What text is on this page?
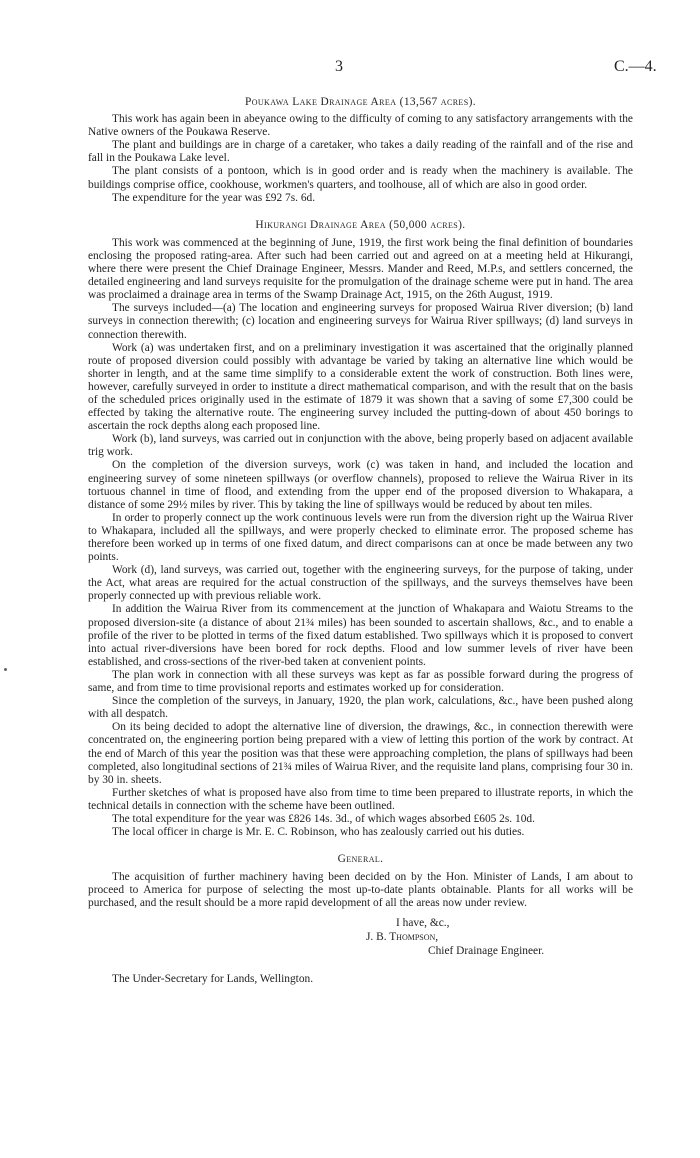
3	C.—4.

Poukawa Lake Drainage Area (13,567 acres).

This work has again been in abeyance owing to the difficulty of coming to any satisfactory arrangements with the Native owners of the Poukawa Reserve.

The plant and buildings are in charge of a caretaker, who takes a daily reading of the rainfall and of the rise and fall in the Poukawa Lake level.

The plant consists of a pontoon, which is in good order and is ready when the machinery is available. The buildings comprise office, cookhouse, workmen's quarters, and toolhouse, all of which are also in good order.

The expenditure for the year was £92 7s. 6d.

Hikurangi Drainage Area (50,000 acres).

This work was commenced at the beginning of June, 1919, the first work being the final definition of boundaries enclosing the proposed rating-area. After such had been carried out and agreed on at a meeting held at Hikurangi, where there were present the Chief Drainage Engineer, Messrs. Mander and Reed, M.P.s, and settlers concerned, the detailed engineering and land surveys requisite for the promulgation of the drainage scheme were put in hand. The area was proclaimed a drainage area in terms of the Swamp Drainage Act, 1915, on the 26th August, 1919.

The surveys included—(a) The location and engineering surveys for proposed Wairua River diversion; (b) land surveys in connection therewith; (c) location and engineering surveys for Wairua River spillways; (d) land surveys in connection therewith.

Work (a) was undertaken first, and on a preliminary investigation it was ascertained that the originally planned route of proposed diversion could possibly with advantage be varied by taking an alternative line which would be shorter in length, and at the same time simplify to a considerable extent the work of construction. Both lines were, however, carefully surveyed in order to institute a direct mathematical comparison, and with the result that on the basis of the scheduled prices originally used in the estimate of 1879 it was shown that a saving of some £7,300 could be effected by taking the alternative route. The engineering survey included the putting-down of about 450 borings to ascertain the rock depths along each proposed line.

Work (b), land surveys, was carried out in conjunction with the above, being properly based on adjacent available trig work.

On the completion of the diversion surveys, work (c) was taken in hand, and included the location and engineering survey of some nineteen spillways (or overflow channels), proposed to relieve the Wairua River in its tortuous channel in time of flood, and extending from the upper end of the proposed diversion to Whakapara, a distance of some 29½ miles by river. This by taking the line of spillways would be reduced by about ten miles.

In order to properly connect up the work continuous levels were run from the diversion right up the Wairua River to Whakapara, included all the spillways, and were properly checked to eliminate error. The proposed scheme has therefore been worked up in terms of one fixed datum, and direct comparisons can at once be made between any two points.

Work (d), land surveys, was carried out, together with the engineering surveys, for the purpose of taking, under the Act, what areas are required for the actual construction of the spillways, and the surveys themselves have been properly connected up with previous reliable work.

In addition the Wairua River from its commencement at the junction of Whakapara and Waiotu Streams to the proposed diversion-site (a distance of about 21¾ miles) has been sounded to ascertain shallows, &c., and to enable a profile of the river to be plotted in terms of the fixed datum established. Two spillways which it is proposed to convert into actual river-diversions have been bored for rock depths. Flood and low summer levels of river have been established, and cross-sections of the river-bed taken at convenient points.

The plan work in connection with all these surveys was kept as far as possible forward during the progress of same, and from time to time provisional reports and estimates worked up for consideration.

Since the completion of the surveys, in January, 1920, the plan work, calculations, &c., have been pushed along with all despatch.

On its being decided to adopt the alternative line of diversion, the drawings, &c., in connection therewith were concentrated on, the engineering portion being prepared with a view of letting this portion of the work by contract. At the end of March of this year the position was that these were approaching completion, the plans of spillways had been completed, also longitudinal sections of 21¾ miles of Wairua River, and the requisite land plans, comprising four 30 in. by 30 in. sheets.

Further sketches of what is proposed have also from time to time been prepared to illustrate reports, in which the technical details in connection with the scheme have been outlined.

The total expenditure for the year was £826 14s. 3d., of which wages absorbed £605 2s. 10d.

The local officer in charge is Mr. E. C. Robinson, who has zealously carried out his duties.

General.

The acquisition of further machinery having been decided on by the Hon. Minister of Lands, I am about to proceed to America for purpose of selecting the most up-to-date plants obtainable. Plants for all works will be purchased, and the result should be a more rapid development of all the areas now under review.

I have, &c.,
J. B. Thompson,
Chief Drainage Engineer.
The Under-Secretary for Lands, Wellington.
